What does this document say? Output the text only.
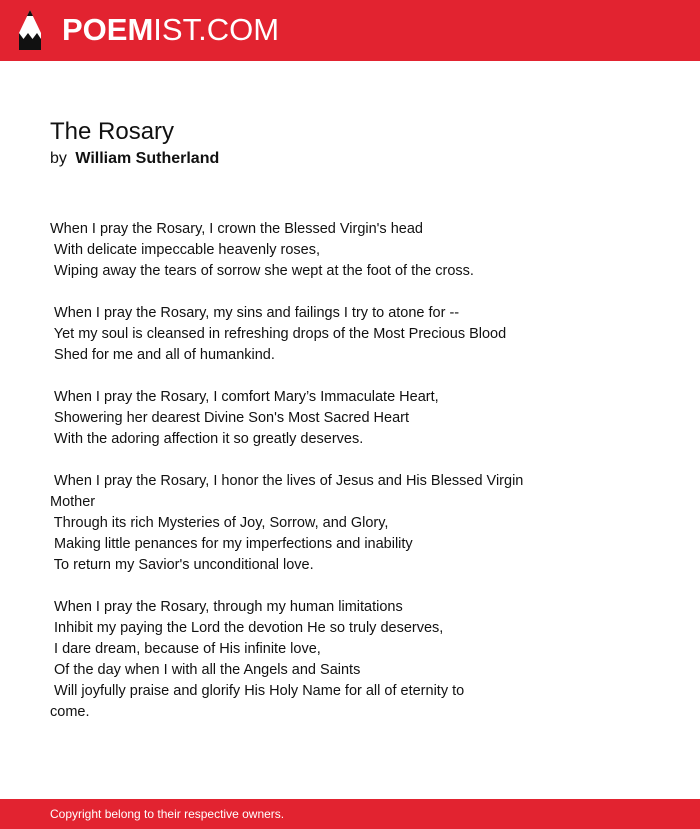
POEMIST.COM
The Rosary
by William Sutherland
When I pray the Rosary, I crown the Blessed Virgin's head
With delicate impeccable heavenly roses,
Wiping away the tears of sorrow she wept at the foot of the cross.
When I pray the Rosary, my sins and failings I try to atone for --
Yet my soul is cleansed in refreshing drops of the Most Precious Blood
Shed for me and all of humankind.
When I pray the Rosary, I comfort Mary’s Immaculate Heart,
Showering her dearest Divine Son's Most Sacred Heart
With the adoring affection it so greatly deserves.
When I pray the Rosary, I honor the lives of Jesus and His Blessed Virgin
Mother
Through its rich Mysteries of Joy, Sorrow, and Glory,
Making little penances for my imperfections and inability
To return my Savior's unconditional love.
When I pray the Rosary, through my human limitations
Inhibit my paying the Lord the devotion He so truly deserves,
I dare dream, because of His infinite love,
Of the day when I with all the Angels and Saints
Will joyfully praise and glorify His Holy Name for all of eternity to
come.
Copyright belong to their respective owners.
